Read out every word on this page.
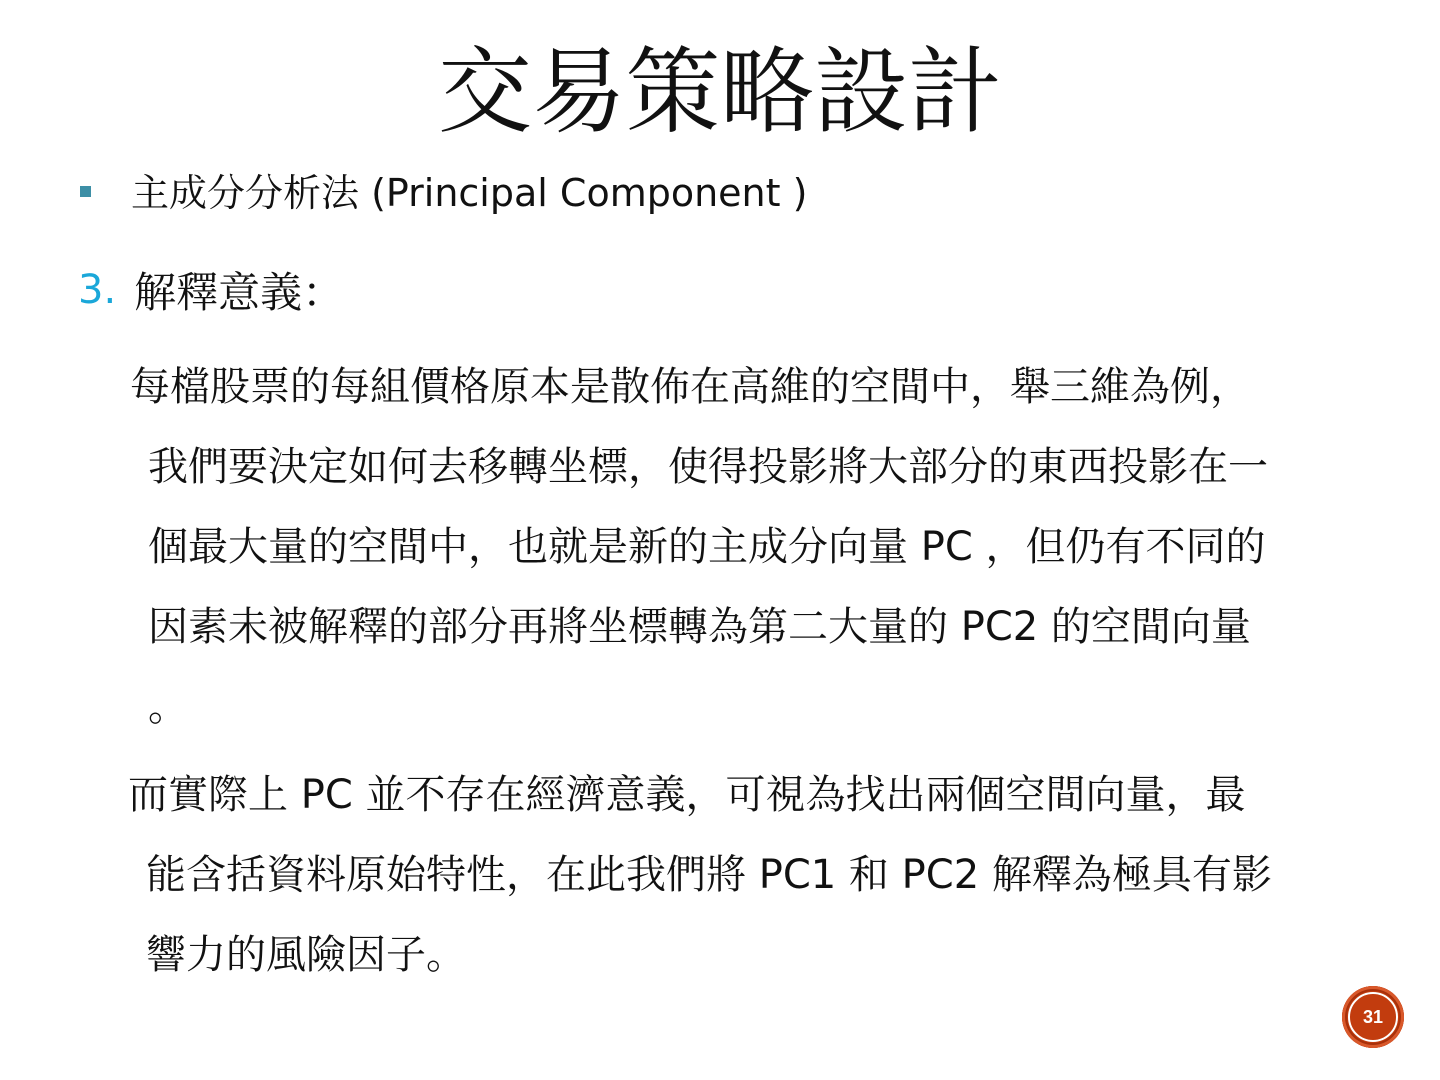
交易策略設計
主成分分析法 (Principal Component )
3. 解釋意義：
每檔股票的每組價格原本是散佈在高維的空間中，舉三維為例，
我們要決定如何去移轉坐標，使得投影將大部分的東西投影在一
個最大量的空間中，也就是新的主成分向量 PC ，但仍有不同的
因素未被解釋的部分再將坐標轉為第二大量的 PC2 的空間向量
。
而實際上 PC 並不存在經濟意義，可視為找出兩個空間向量，最
能含括資料原始特性，在此我們將 PC1 和 PC2 解釋為極具有影
響力的風險因子。
31
